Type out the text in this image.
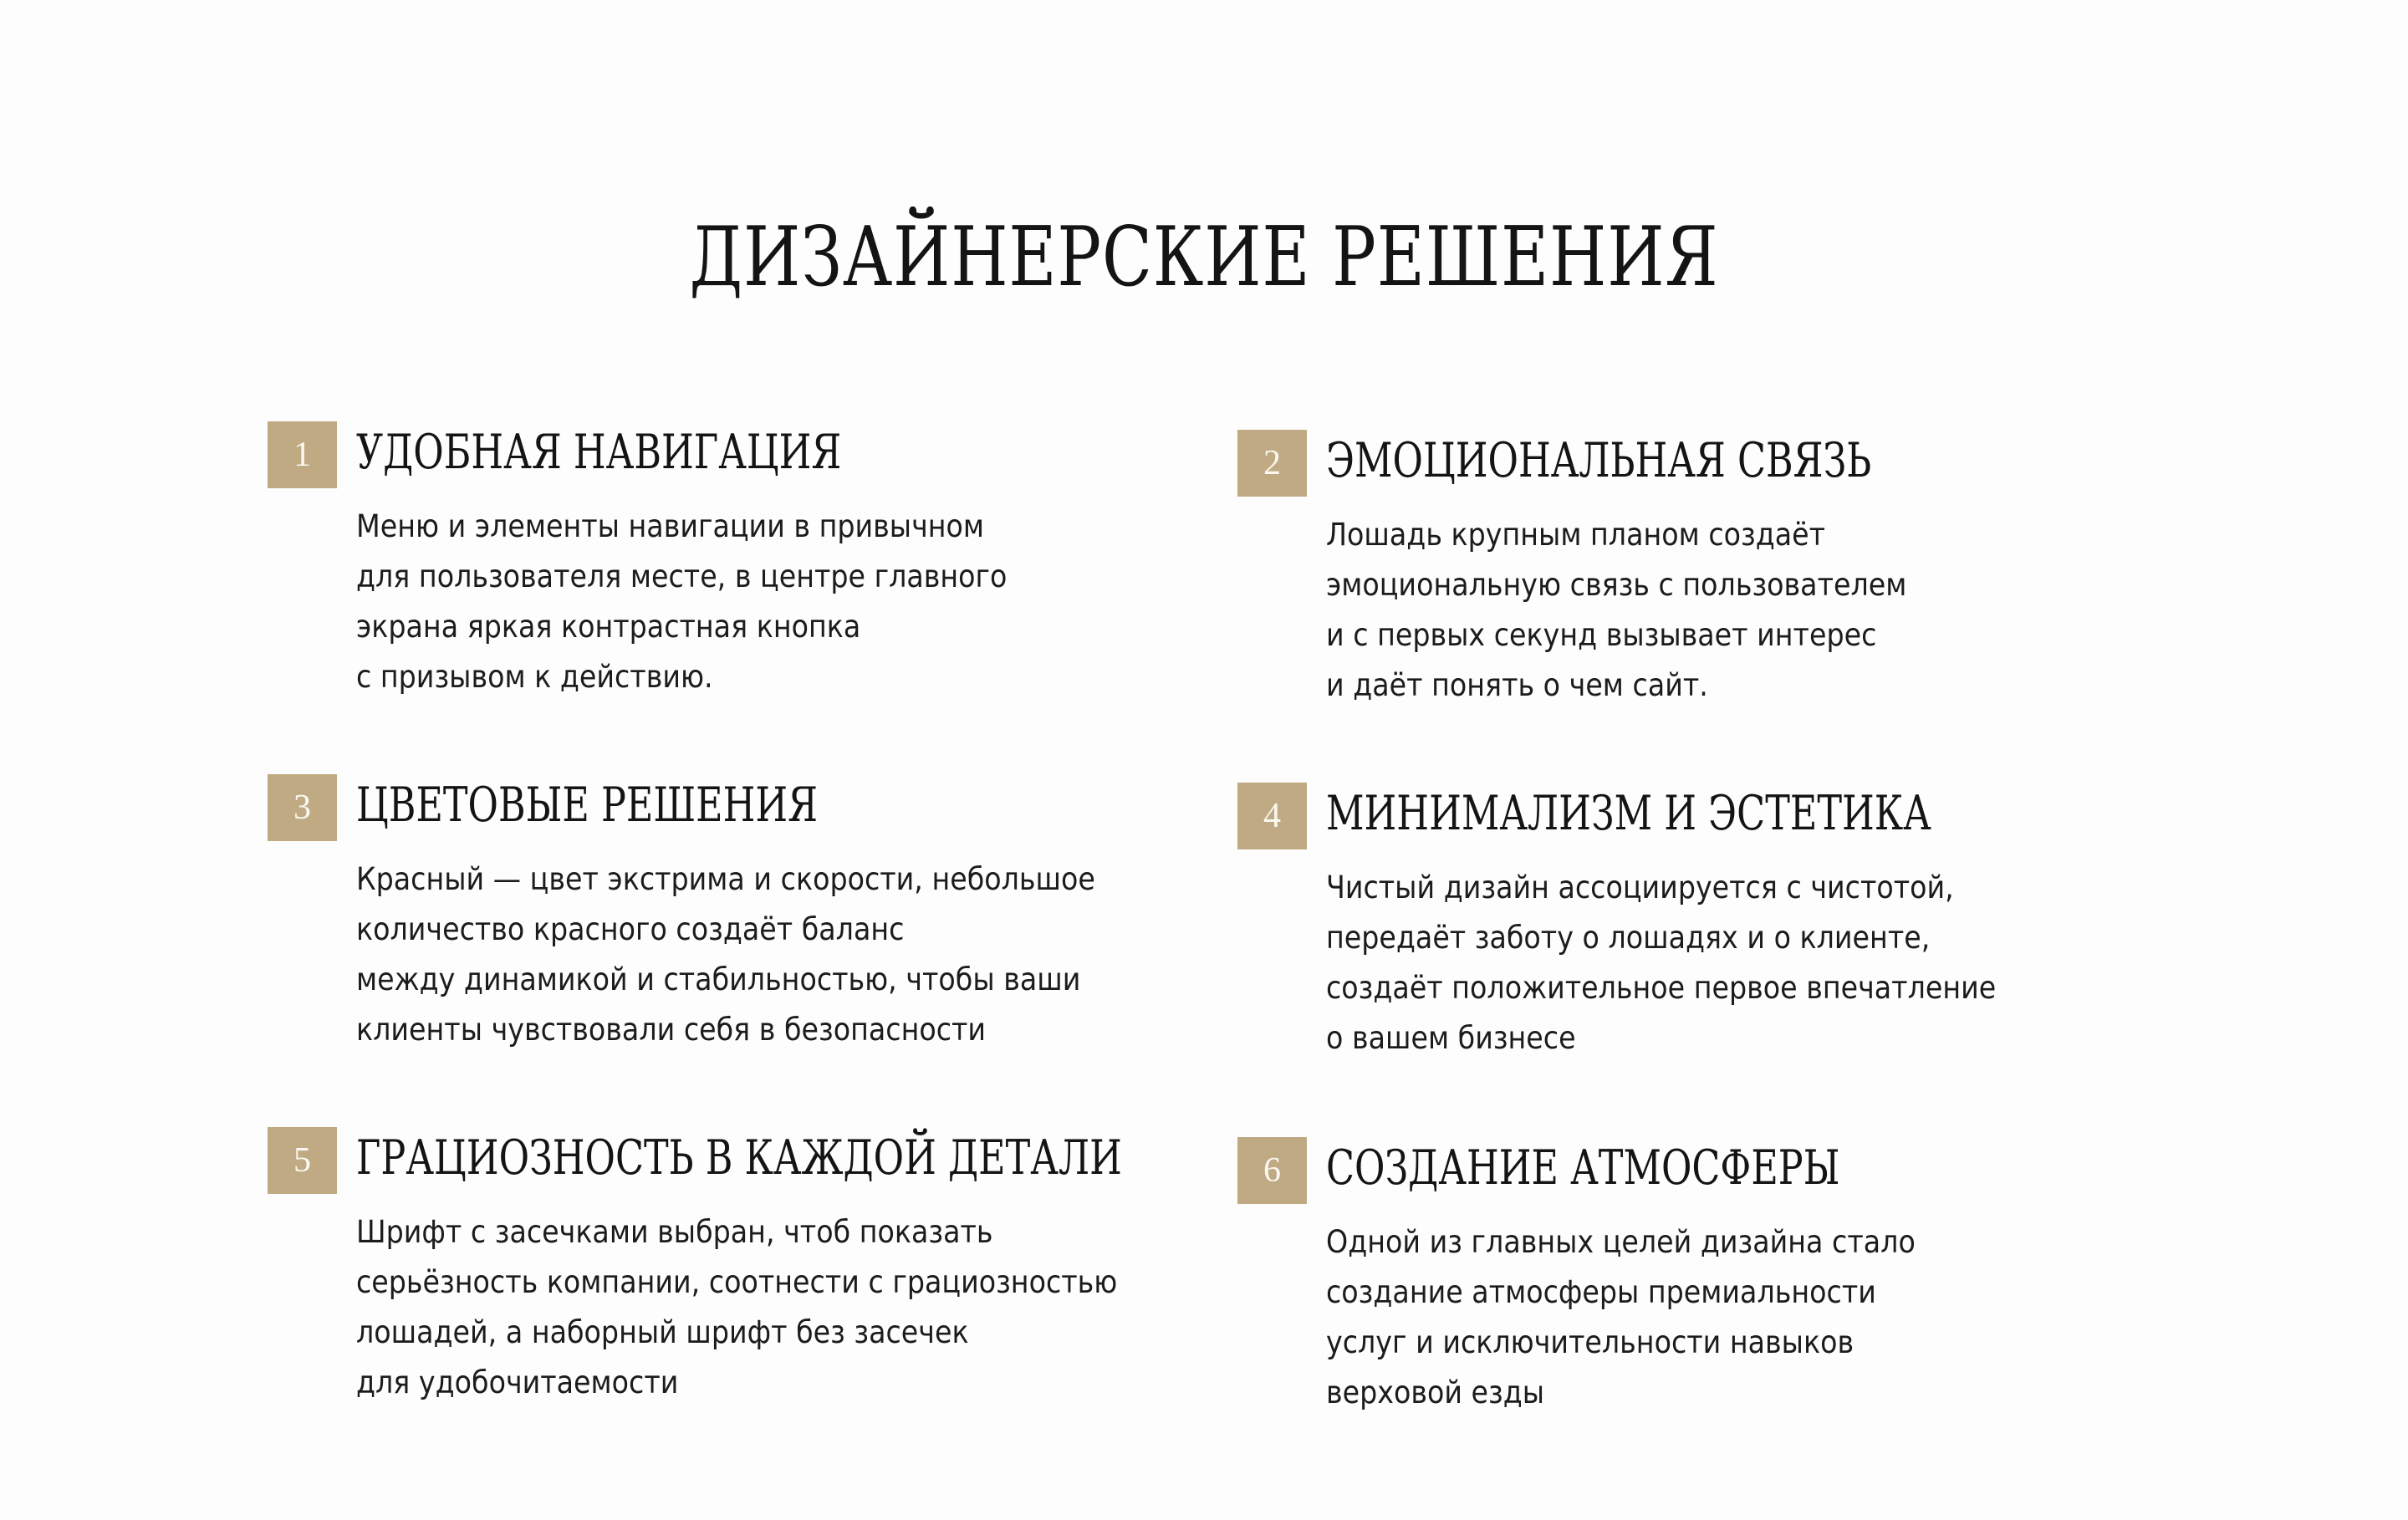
ДИЗАЙНЕРСКИЕ РЕШЕНИЯ
1 УДОБНАЯ НАВИГАЦИЯ

Меню и элементы навигации в привычном
для пользователя месте, в центре главного
экрана яркая контрастная кнопка
с призывом к действию.

2 ЭМОЦИОНАЛЬНАЯ СВЯЗЬ

Лошадь крупным планом создаёт
эмоциональную связь с пользователем
и с первых секунд вызывает интерес
и даёт понять о чем сайт.

3 ЦВЕТОВЫЕ РЕШЕНИЯ

Красный — цвет экстрима и скорости, небольшое
количество красного создаёт баланс
между динамикой и стабильностью, чтобы ваши
клиенты чувствовали себя в безопасности

4 МИНИМАЛИЗМ И ЭСТЕТИКА

Чистый дизайн ассоциируется с чистотой,
передаёт заботу о лошадях и о клиенте,
создаёт положительное первое впечатление
о вашем бизнесе

5 ГРАЦИОЗНОСТЬ В КАЖДОЙ ДЕТАЛИ

Шрифт с засечками выбран, чтоб показать
серьёзность компании, соотнести с грациозностью
лошадей, а наборный шрифт без засечек
для удобочитаемости

6 СОЗДАНИЕ АТМОСФЕРЫ

Одной из главных целей дизайна стало
создание атмосферы премиальности
услуг и исключительности навыков
верховой езды
